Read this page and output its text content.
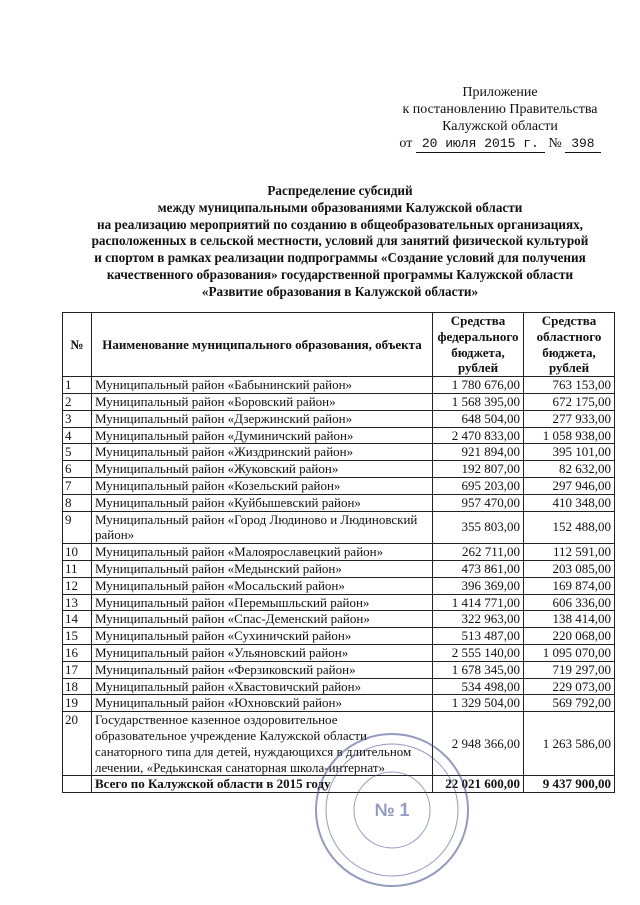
Приложение
к постановлению Правительства
Калужской области
от 20 июля 2015 г. № 398
Распределение субсидий
между муниципальными образованиями Калужской области
на реализацию мероприятий по созданию в общеобразовательных организациях,
расположенных в сельской местности, условий для занятий физической культурой
и спортом в рамках реализации подпрограммы «Создание условий для получения
качественного образования» государственной программы Калужской области
«Развитие образования в Калужской области»
№	Наименование муниципального образования, объекта	Средства федерального бюджета, рублей	Средства областного бюджета, рублей
1	Муниципальный район «Бабынинский район»	1 780 676,00	763 153,00
2	Муниципальный район «Боровский район»	1 568 395,00	672 175,00
3	Муниципальный район «Дзержинский район»	648 504,00	277 933,00
4	Муниципальный район «Думиничский район»	2 470 833,00	1 058 938,00
5	Муниципальный район «Жиздринский район»	921 894,00	395 101,00
6	Муниципальный район «Жуковский район»	192 807,00	82 632,00
7	Муниципальный район «Козельский район»	695 203,00	297 946,00
8	Муниципальный район «Куйбышевский район»	957 470,00	410 348,00
9	Муниципальный район «Город Людиново и Людиновский район»	355 803,00	152 488,00
10	Муниципальный район «Малоярославецкий район»	262 711,00	112 591,00
11	Муниципальный район «Медынский район»	473 861,00	203 085,00
12	Муниципальный район «Мосальский район»	396 369,00	169 874,00
13	Муниципальный район «Перемышльский район»	1 414 771,00	606 336,00
14	Муниципальный район «Спас-Деменский район»	322 963,00	138 414,00
15	Муниципальный район «Сухиничский район»	513 487,00	220 068,00
16	Муниципальный район «Ульяновский район»	2 555 140,00	1 095 070,00
17	Муниципальный район «Ферзиковский район»	1 678 345,00	719 297,00
18	Муниципальный район «Хвастовичский район»	534 498,00	229 073,00
19	Муниципальный район «Юхновский район»	1 329 504,00	569 792,00
20	Государственное казенное оздоровительное образовательное учреждение Калужской области санаторного типа для детей, нуждающихся в длительном лечении, «Редькинская санаторная школа-интернат»	2 948 366,00	1 263 586,00
	Всего по Калужской области в 2015 году	22 021 600,00	9 437 900,00
№ 1
